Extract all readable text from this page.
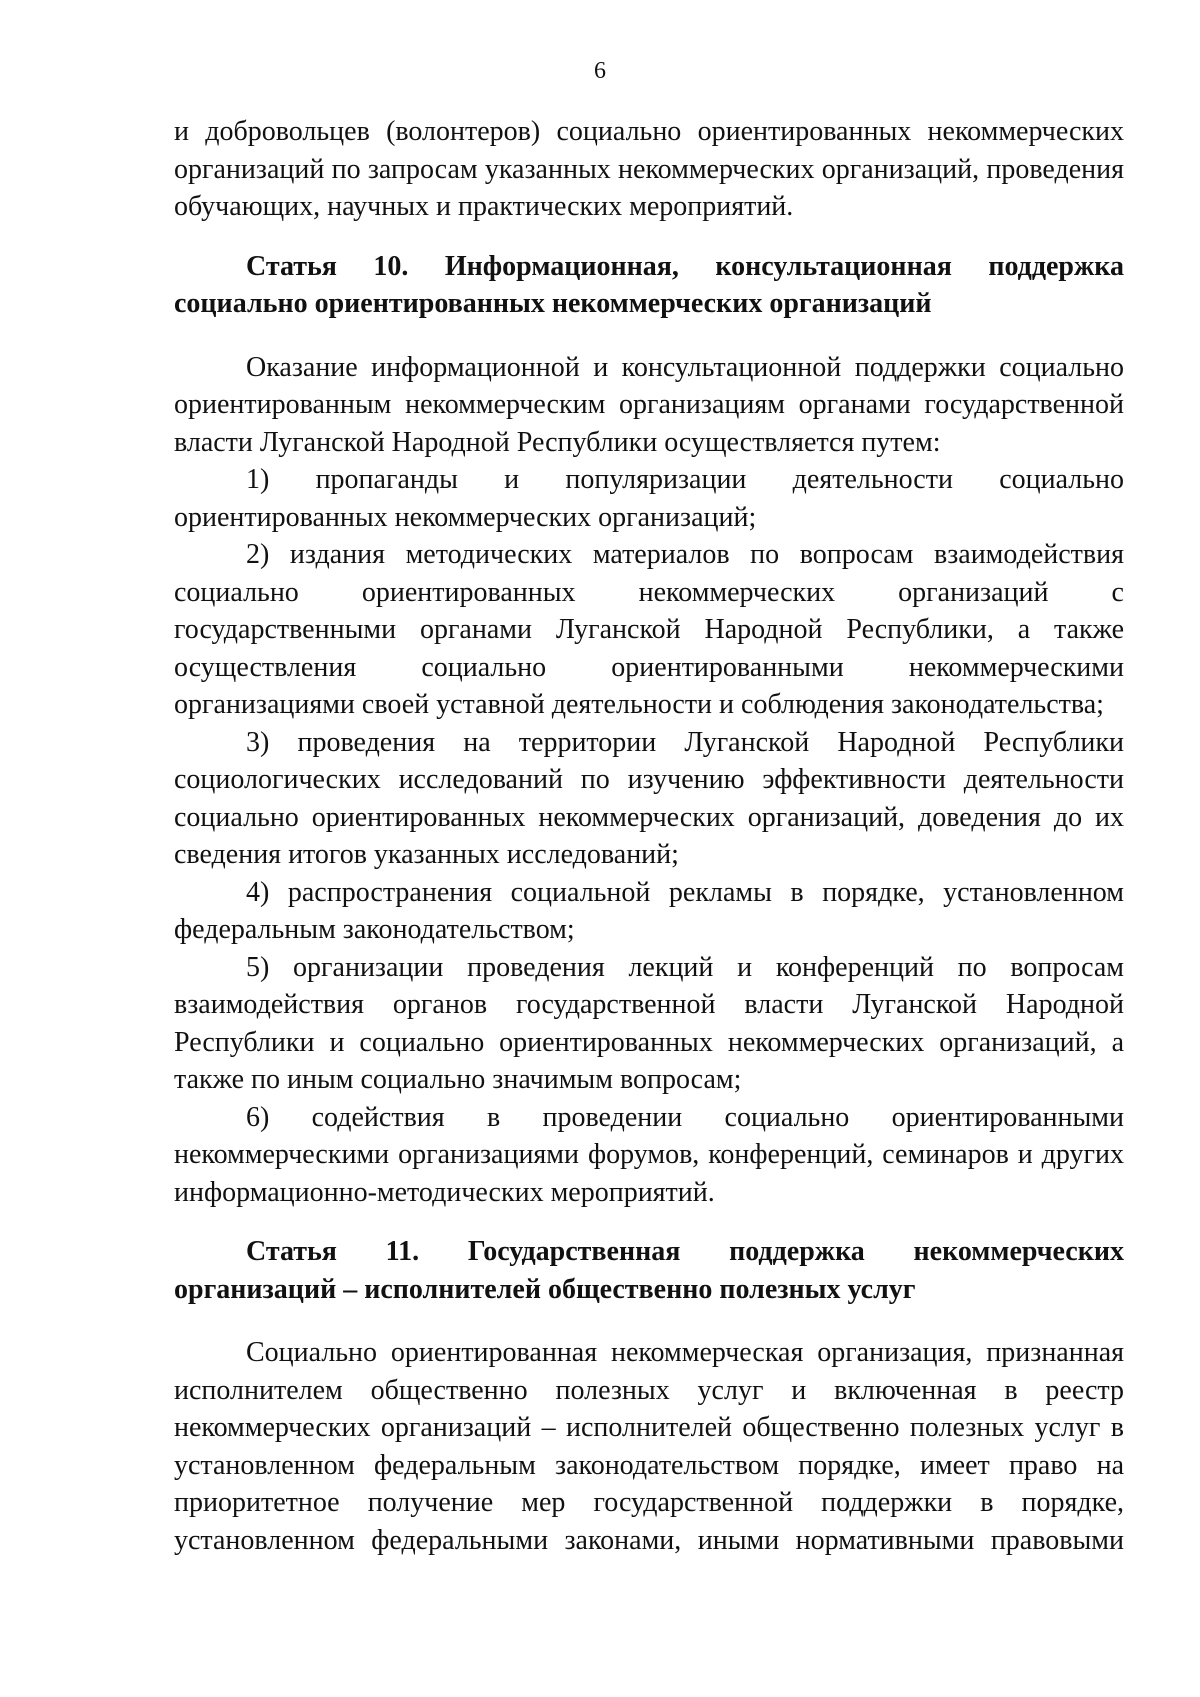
6

и добровольцев (волонтеров) социально ориентированных некоммерческих организаций по запросам указанных некоммерческих организаций, проведения обучающих, научных и практических мероприятий.

Статья 10. Информационная, консультационная поддержка социально ориентированных некоммерческих организаций

Оказание информационной и консультационной поддержки социально ориентированным некоммерческим организациям органами государственной власти Луганской Народной Республики осуществляется путем:

1) пропаганды и популяризации деятельности социально ориентированных некоммерческих организаций;

2) издания методических материалов по вопросам взаимодействия социально ориентированных некоммерческих организаций с государственными органами Луганской Народной Республики, а также осуществления социально ориентированными некоммерческими организациями своей уставной деятельности и соблюдения законодательства;

3) проведения на территории Луганской Народной Республики социологических исследований по изучению эффективности деятельности социально ориентированных некоммерческих организаций, доведения до их сведения итогов указанных исследований;

4) распространения социальной рекламы в порядке, установленном федеральным законодательством;

5) организации проведения лекций и конференций по вопросам взаимодействия органов государственной власти Луганской Народной Республики и социально ориентированных некоммерческих организаций, а также по иным социально значимым вопросам;

6) содействия в проведении социально ориентированными некоммерческими организациями форумов, конференций, семинаров и других информационно-методических мероприятий.

Статья 11. Государственная поддержка некоммерческих организаций – исполнителей общественно полезных услуг

Социально ориентированная некоммерческая организация, признанная исполнителем общественно полезных услуг и включенная в реестр некоммерческих организаций – исполнителей общественно полезных услуг в установленном федеральным законодательством порядке, имеет право на приоритетное получение мер государственной поддержки в порядке, установленном федеральными законами, иными нормативными правовыми
